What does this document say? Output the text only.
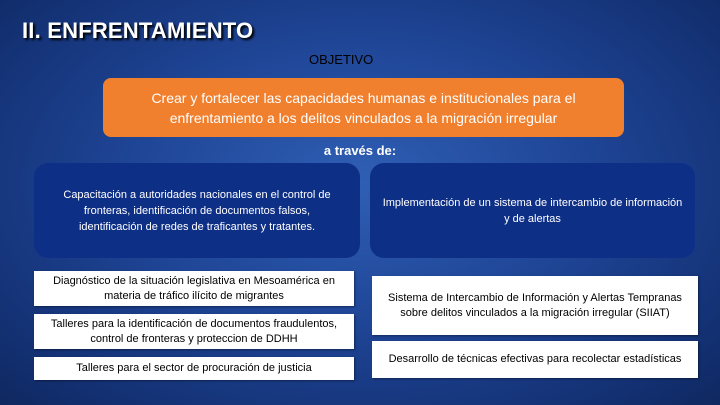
II. ENFRENTAMIENTO
OBJETIVO
Crear y fortalecer las capacidades humanas e institucionales para el enfrentamiento a los delitos vinculados a la migración irregular
a través de:
Capacitación a autoridades nacionales en el control de fronteras, identificación de documentos falsos, identificación de redes de traficantes y tratantes.
Implementación de un sistema de intercambio de información y de alertas
Diagnóstico de la situación legislativa en Mesoamérica en materia de tráfico ilícito de migrantes
Talleres para la identificación de documentos fraudulentos, control de fronteras y proteccion de DDHH
Talleres para el sector de procuración de justicia
Sistema de Intercambio de Información y Alertas Tempranas sobre delitos vinculados a la migración irregular (SIIAT)
Desarrollo de técnicas efectivas para recolectar estadísticas
